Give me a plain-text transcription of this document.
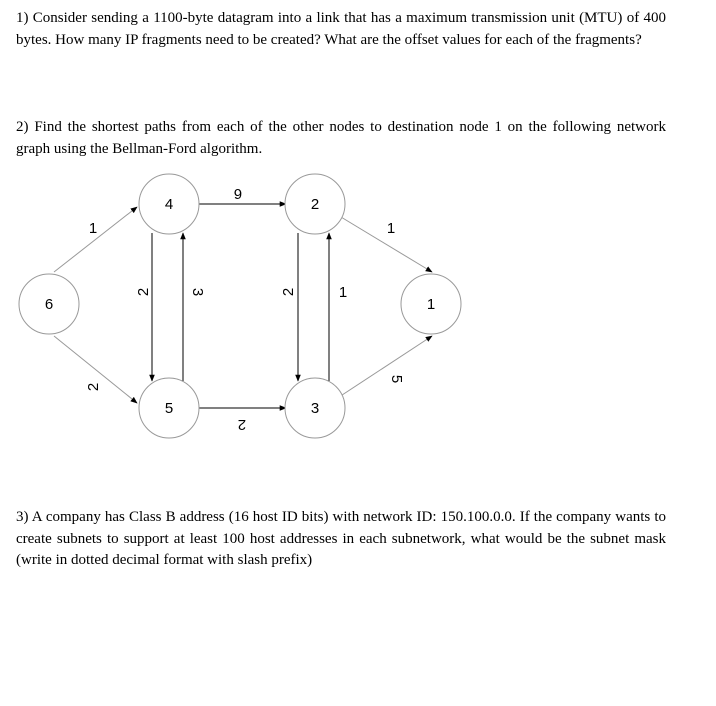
1) Consider sending a 1100-byte datagram into a link that has a maximum transmission unit (MTU) of 400 bytes. How many IP fragments need to be created? What are the offset values for each of the fragments?
2) Find the shortest paths from each of the other nodes to destination node 1 on the following network graph using the Bellman-Ford algorithm.
6
4
5
2
3
1
1
2
2 3
6
2
2	1
1
5
3) A company has Class B address (16 host ID bits) with network ID: 150.100.0.0. If the company wants to create subnets to support at least 100 host addresses in each subnetwork, what would be the subnet mask (write in dotted decimal format with slash prefix)
